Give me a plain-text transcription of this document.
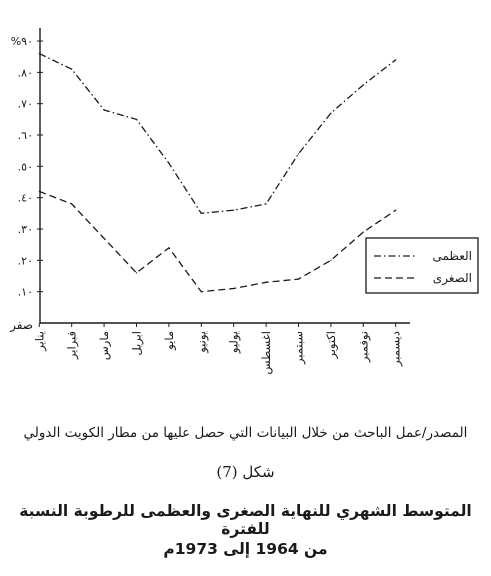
.١٠
.٢٠
.٣٠
.٤٠
.٥٠
.٦٠
.٧٠
.٨٠
%٩٠
صفر
يناير فبراير مارس ابريل مايو يونيو يوليو اغسطس سبتمبر اكتوبر نوفمبر ديسمبر
العظمى
الصغرى
المصدر/عمل الباحث من خلال البيانات التي حصل عليها من مطار الكويت الدولي
شكل (7)
المتوسط الشهري للنهاية الصغرى والعظمى للرطوبة النسبة للفترة
من 1964 إلى 1973م
